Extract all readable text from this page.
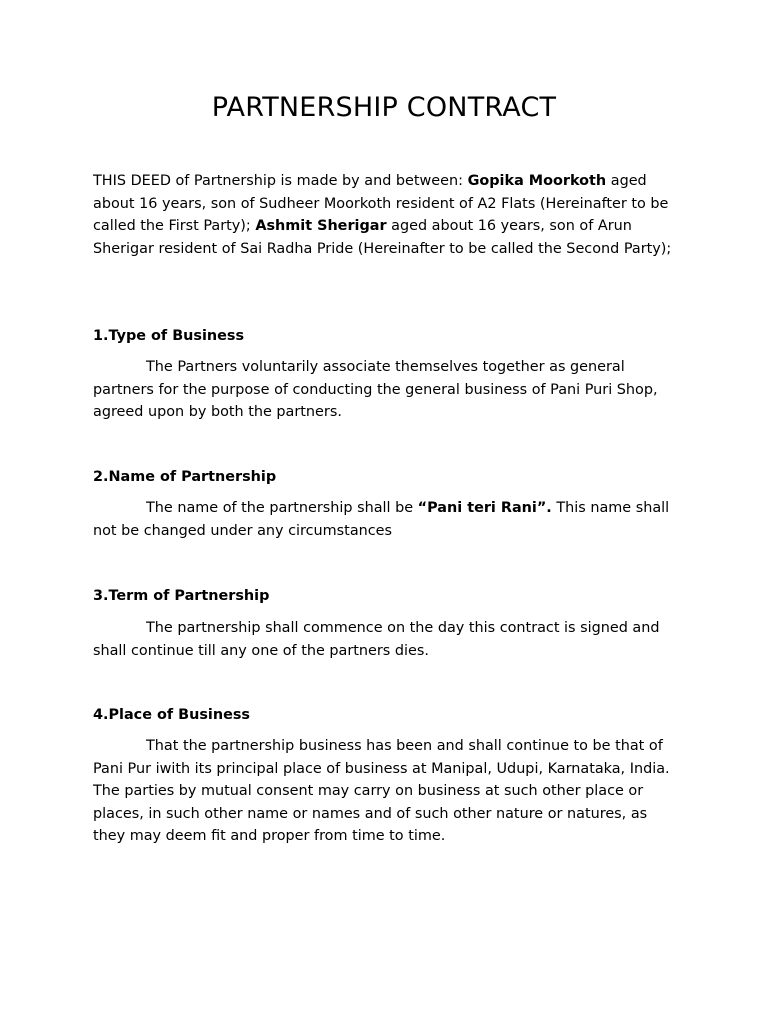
PARTNERSHIP CONTRACT

THIS DEED of Partnership is made by and between: Gopika Moorkoth aged about 16 years, son of Sudheer Moorkoth resident of A2 Flats (Hereinafter to be called the First Party); Ashmit Sherigar aged about 16 years, son of Arun Sherigar resident of Sai Radha Pride (Hereinafter to be called the Second Party);

1.Type of Business

The Partners voluntarily associate themselves together as general partners for the purpose of conducting the general business of Pani Puri Shop, agreed upon by both the partners.

2.Name of Partnership

The name of the partnership shall be “Pani teri Rani”. This name shall not be changed under any circumstances

3.Term of Partnership

The partnership shall commence on the day this contract is signed and shall continue till any one of the partners dies.

4.Place of Business

That the partnership business has been and shall continue to be that of Pani Pur iwith its principal place of business at Manipal, Udupi, Karnataka, India. The parties by mutual consent may carry on business at such other place or places, in such other name or names and of such other nature or natures, as they may deem fit and proper from time to time.
